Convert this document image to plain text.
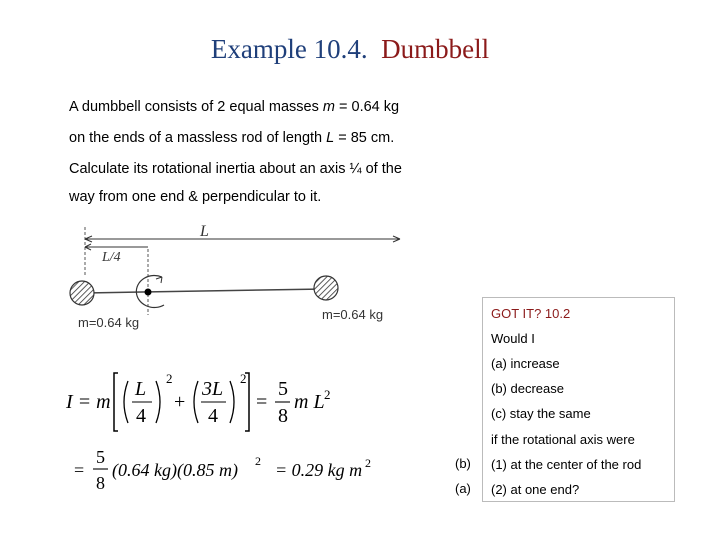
Example 10.4. Dumbbell
A dumbbell consists of 2 equal masses m = 0.64 kg
on the ends of a massless rod of length L = 85 cm.
Calculate its rotational inertia about an axis ¼ of the
way from one end & perpendicular to it.
L
L/4
m=0.64 kg
m=0.64 kg
I = m
L
4
2
+
3L
4
2
=
5
8
m L 2
=
5
8
(0.64 kg)(0.85 m) 2 = 0.29 kg m 2
GOT IT? 10.2
Would I
(a) increase
(b) decrease
(c) stay the same
if the rotational axis were
(1) at the center of the rod
(2) at one end?
(b)
(a)
